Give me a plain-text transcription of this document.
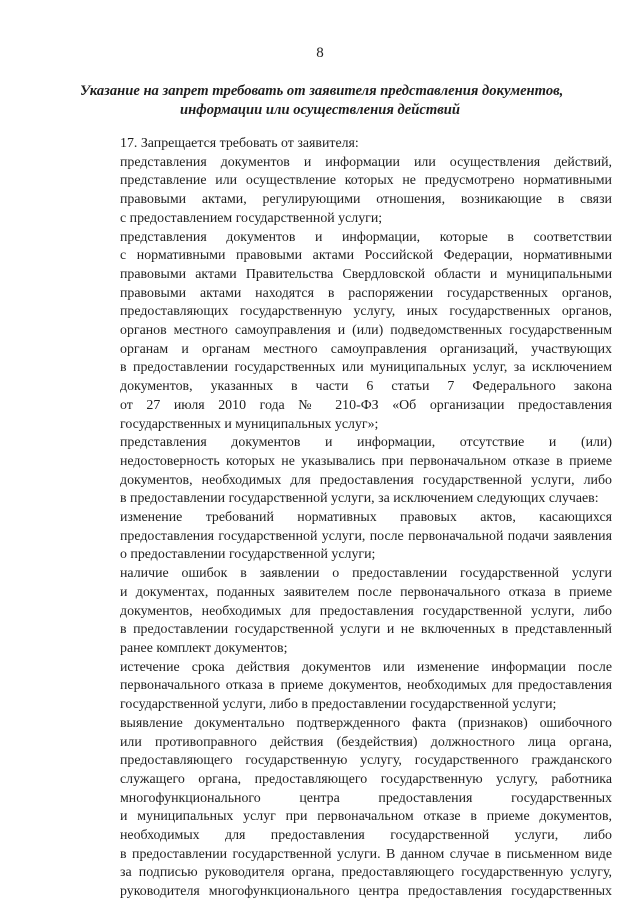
8
Указание на запрет требовать от заявителя представления документов,
информации или осуществления действий
17. Запрещается требовать от заявителя:
представления документов и информации или осуществления действий,
представление или осуществление которых не предусмотрено нормативными
правовыми актами, регулирующими отношения, возникающие в связи
с предоставлением государственной услуги;
представления документов и информации, которые в соответствии
с нормативными правовыми актами Российской Федерации, нормативными
правовыми актами Правительства Свердловской области и муниципальными
правовыми актами находятся в распоряжении государственных органов,
предоставляющих государственную услугу, иных государственных органов,
органов местного самоуправления и (или) подведомственных государственным
органам и органам местного самоуправления организаций, участвующих
в предоставлении государственных или муниципальных услуг, за исключением
документов, указанных в части 6 статьи 7 Федерального закона
от 27 июля 2010 года № 210-ФЗ «Об организации предоставления
государственных и муниципальных услуг»;
представления документов и информации, отсутствие и (или)
недостоверность которых не указывались при первоначальном отказе в приеме
документов, необходимых для предоставления государственной услуги, либо
в предоставлении государственной услуги, за исключением следующих случаев:
изменение требований нормативных правовых актов, касающихся
предоставления государственной услуги, после первоначальной подачи заявления
о предоставлении государственной услуги;
наличие ошибок в заявлении о предоставлении государственной услуги
и документах, поданных заявителем после первоначального отказа в приеме
документов, необходимых для предоставления государственной услуги, либо
в предоставлении государственной услуги и не включенных в представленный
ранее комплект документов;
истечение срока действия документов или изменение информации после
первоначального отказа в приеме документов, необходимых для предоставления
государственной услуги, либо в предоставлении государственной услуги;
выявление документально подтвержденного факта (признаков) ошибочного
или противоправного действия (бездействия) должностного лица органа,
предоставляющего государственную услугу, государственного гражданского
служащего органа, предоставляющего государственную услугу, работника
многофункционального центра предоставления государственных
и муниципальных услуг при первоначальном отказе в приеме документов,
необходимых для предоставления государственной услуги, либо
в предоставлении государственной услуги. В данном случае в письменном виде
за подписью руководителя органа, предоставляющего государственную услугу,
руководителя многофункционального центра предоставления государственных
